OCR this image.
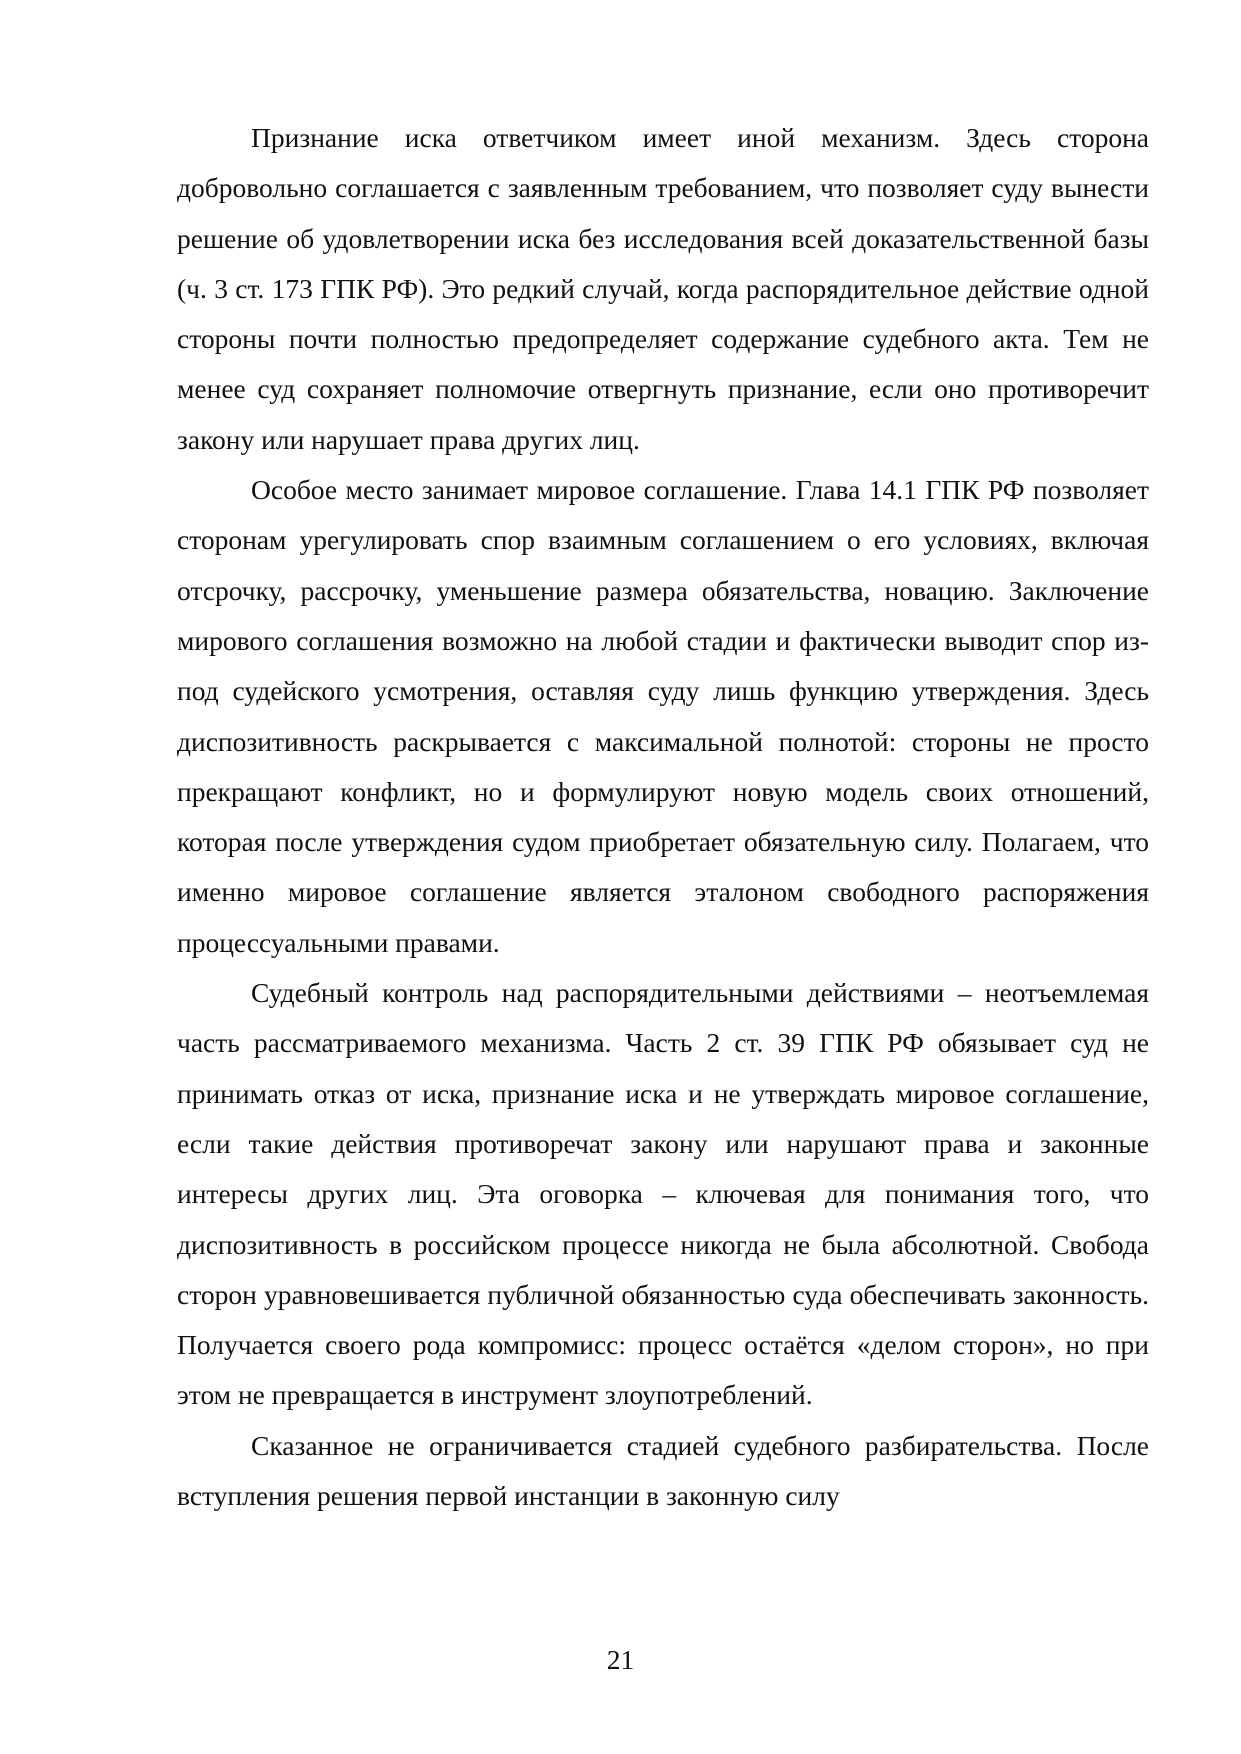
Признание иска ответчиком имеет иной механизм. Здесь сторона добровольно соглашается с заявленным требованием, что позволяет суду вынести решение об удовлетворении иска без исследования всей доказательственной базы (ч. 3 ст. 173 ГПК РФ). Это редкий случай, когда распорядительное действие одной стороны почти полностью предопределяет содержание судебного акта. Тем не менее суд сохраняет полномочие отвергнуть признание, если оно противоречит закону или нарушает права других лиц.

Особое место занимает мировое соглашение. Глава 14.1 ГПК РФ позволяет сторонам урегулировать спор взаимным соглашением о его условиях, включая отсрочку, рассрочку, уменьшение размера обязательства, новацию. Заключение мирового соглашения возможно на любой стадии и фактически выводит спор из-под судейского усмотрения, оставляя суду лишь функцию утверждения. Здесь диспозитивность раскрывается с максимальной полнотой: стороны не просто прекращают конфликт, но и формулируют новую модель своих отношений, которая после утверждения судом приобретает обязательную силу. Полагаем, что именно мировое соглашение является эталоном свободного распоряжения процессуальными правами.

Судебный контроль над распорядительными действиями – неотъемлемая часть рассматриваемого механизма. Часть 2 ст. 39 ГПК РФ обязывает суд не принимать отказ от иска, признание иска и не утверждать мировое соглашение, если такие действия противоречат закону или нарушают права и законные интересы других лиц. Эта оговорка – ключевая для понимания того, что диспозитивность в российском процессе никогда не была абсолютной. Свобода сторон уравновешивается публичной обязанностью суда обеспечивать законность. Получается своего рода компромисс: процесс остаётся «делом сторон», но при этом не превращается в инструмент злоупотреблений.

Сказанное не ограничивается стадией судебного разбирательства. После вступления решения первой инстанции в законную силу

21
